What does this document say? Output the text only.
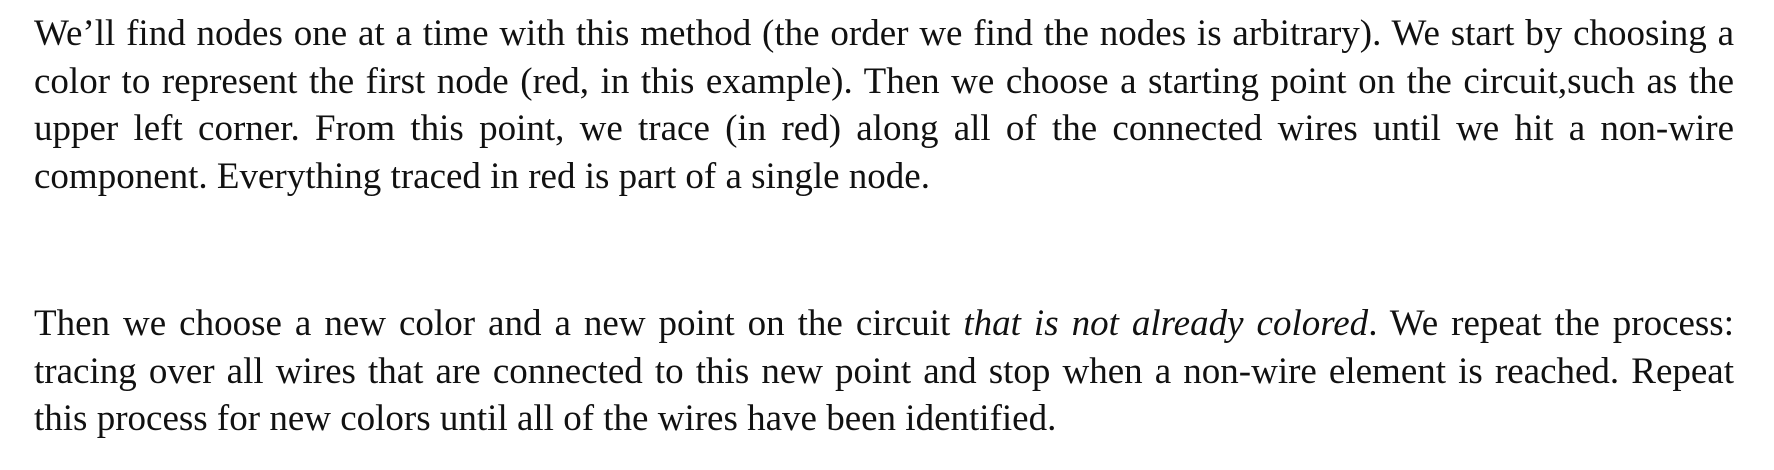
We’ll find nodes one at a time with this method (the order we find the nodes is arbitrary). We start by choosing a color to represent the first node (red, in this example). Then we choose a starting point on the circuit,such as the upper left corner. From this point, we trace (in red) along all of the connected wires until we hit a non-wire component. Everything traced in red is part of a single node.

Then we choose a new color and a new point on the circuit that is not already colored. We repeat the process: tracing over all wires that are connected to this new point and stop when a non-wire element is reached. Repeat this process for new colors until all of the wires have been identified.
